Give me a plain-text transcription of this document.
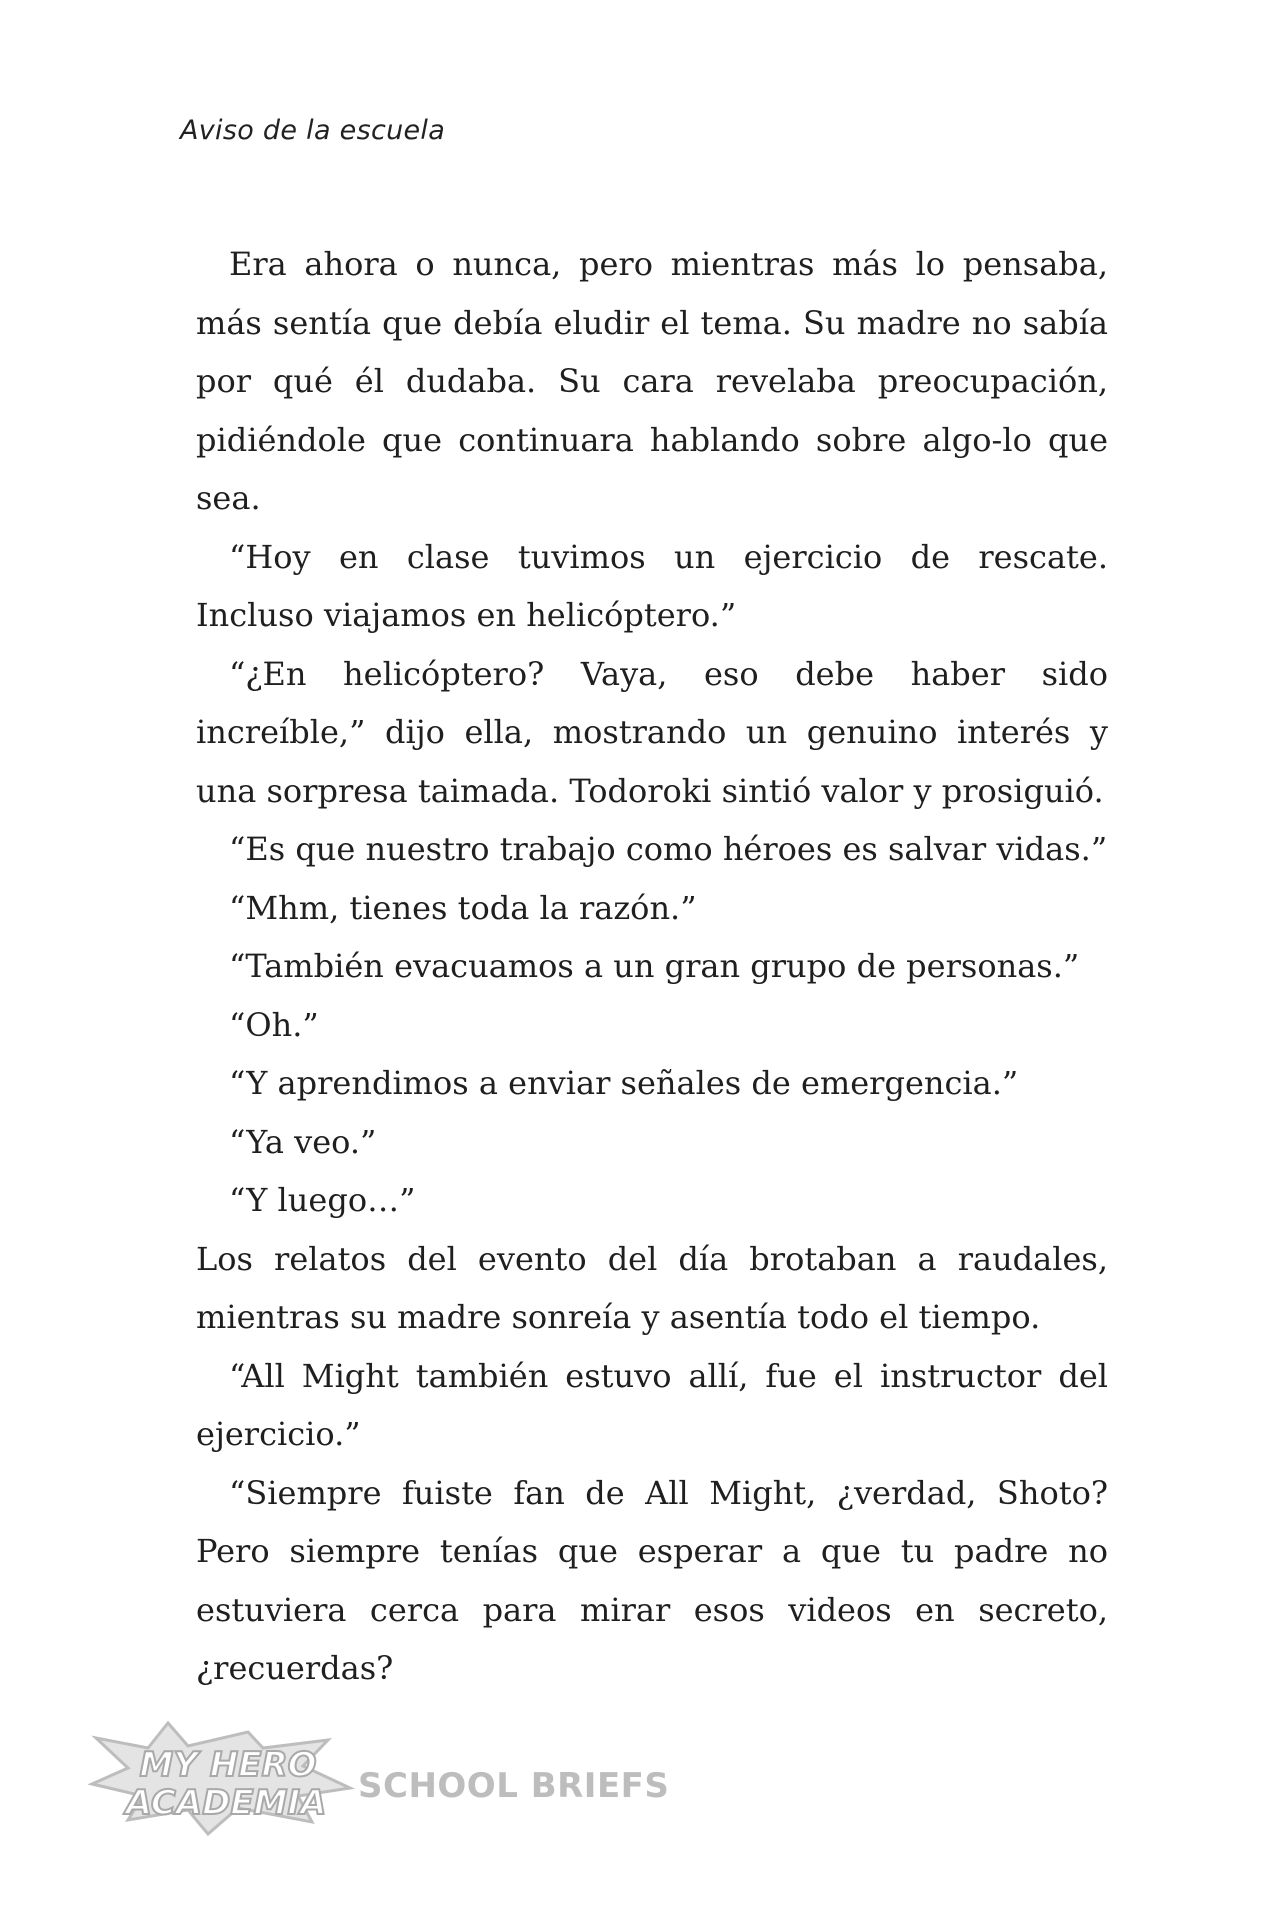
Aviso de la escuela

Era ahora o nunca, pero mientras más lo pensaba, más sentía que debía eludir el tema. Su madre no sabía por qué él dudaba. Su cara revelaba preocupación, pidiéndole que continuara hablando sobre algo-lo que sea.

“Hoy en clase tuvimos un ejercicio de rescate. Incluso viajamos en helicóptero.”

“¿En helicóptero? Vaya, eso debe haber sido increíble,” dijo ella, mostrando un genuino interés y una sorpresa taimada. Todoroki sintió valor y prosiguió.

“Es que nuestro trabajo como héroes es salvar vidas.”

“Mhm, tienes toda la razón.”

“También evacuamos a un gran grupo de personas.”

“Oh.”

“Y aprendimos a enviar señales de emergencia.”

“Ya veo.”

“Y luego…”

Los relatos del evento del día brotaban a raudales, mientras su madre sonreía y asentía todo el tiempo.

“All Might también estuvo allí, fue el instructor del ejercicio.”

“Siempre fuiste fan de All Might, ¿verdad, Shoto? Pero siempre tenías que esperar a que tu padre no estuviera cerca para mirar esos videos en secreto, ¿recuerdas?

MY HERO
ACADEMIA SCHOOL BRIEFS
